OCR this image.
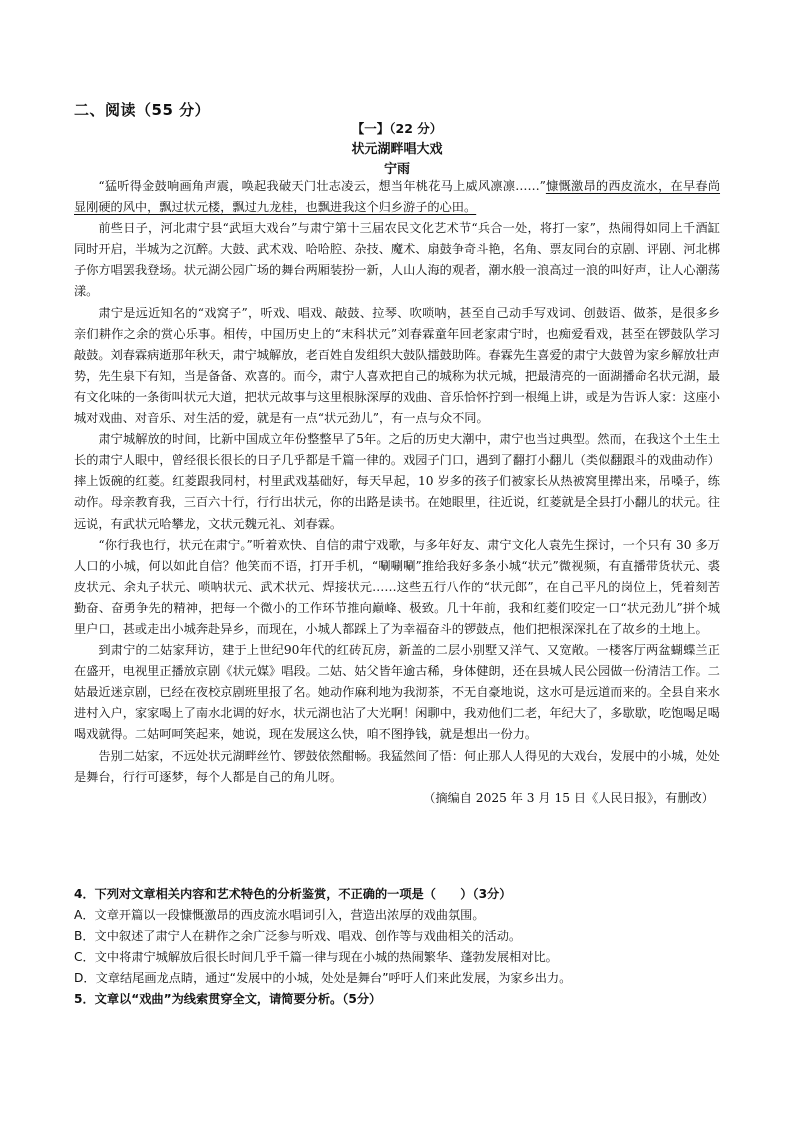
二、阅读（55 分）
【一】（22 分）
状元湖畔唱大戏
宁雨

“猛听得金鼓响画角声震，唤起我破天门壮志凌云，想当年桃花马上威风凛凛……”慷慨激昂的西皮流水，在早春尚显刚硬的风中，飘过状元楼，飘过九龙桂，也飘进我这个归乡游子的心田。

前些日子，河北肃宁县“武垣大戏台”与肃宁第十三届农民文化艺术节“兵合一处，将打一家”，热闹得如同上千酒缸同时开启，半城为之沉醉。大鼓、武术戏、哈哈腔、杂技、魔术、扇鼓争奇斗艳，名角、票友同台的京剧、评剧、河北梆子你方唱罢我登场。状元湖公园广场的舞台两厢装扮一新，人山人海的观者，潮水般一浪高过一浪的叫好声，让人心潮荡漾。

肃宁是远近知名的“戏窝子”，听戏、唱戏、敲鼓、拉琴、吹唢呐，甚至自己动手写戏词、创鼓语、做茶，是很多乡亲们耕作之余的赏心乐事。相传，中国历史上的“末科状元”刘春霖童年回老家肃宁时，也痴爱看戏，甚至在锣鼓队学习敲鼓。刘春霖病逝那年秋天，肃宁城解放，老百姓自发组织大鼓队擂鼓助阵。春霖先生喜爱的肃宁大鼓曾为家乡解放壮声势，先生泉下有知，当是备备、欢喜的。而今，肃宁人喜欢把自己的城称为状元城，把最清亮的一面湖播命名状元湖，最有文化味的一条街叫状元大道，把状元故事与这里根脉深厚的戏曲、音乐恰怀拧到一根绳上讲，或是为告诉人家：这座小城对戏曲、对音乐、对生活的爱，就是有一点“状元劲儿”，有一点与众不同。

肃宁城解放的时间，比新中国成立年份整整早了5年。之后的历史大潮中，肃宁也当过典型。然而，在我这个土生土长的肃宁人眼中，曾经很长很长的日子几乎都是千篇一律的。戏园子门口，遇到了翻打小翻儿（类似翻跟斗的戏曲动作）摔上饭碗的红菱。红菱跟我同村，村里武戏基础好，每天早起，10 岁多的孩子们被家长从热被窝里撵出来，吊嗓子，练动作。母亲教育我，三百六十行，行行出状元，你的出路是读书。在她眼里，往近说，红菱就是全县打小翻儿的状元。往远说，有武状元哈攀龙，文状元魏元礼、刘春霖。

“你行我也行，状元在肃宁。”听着欢快、自信的肃宁戏歌，与多年好友、肃宁文化人袁先生探讨，一个只有 30 多万人口的小城，何以如此自信？他笑而不语，打开手机，“唰唰唰”推给我好多条小城“状元”微视频，有直播带货状元、裘皮状元、余丸子状元、唢呐状元、武术状元、焊接状元……这些五行八作的“状元郎”，在自己平凡的岗位上，凭着刻苦勤奋、奋勇争先的精神，把每一个微小的工作环节推向巅峰、极致。几十年前，我和红菱们咬定一口“状元劲儿”拼个城里户口，甚或走出小城奔赴异乡，而现在，小城人都踩上了为幸福奋斗的锣鼓点，他们把根深深扎在了故乡的土地上。

到肃宁的二姑家拜访，建于上世纪90年代的红砖瓦房，新盖的二层小别墅又洋气、又宽敞。一楼客厅两盆蝴蝶兰正在盛开，电视里正播放京剧《状元媒》唱段。二姑、姑父皆年逾古稀，身体健朗，还在县城人民公园做一份清洁工作。二姑最近迷京剧，已经在夜校京剧班里报了名。她动作麻利地为我沏茶，不无自豪地说，这水可是远道而来的。全县自来水进村入户，家家喝上了南水北调的好水，状元湖也沾了大光啊！闲聊中，我劝他们二老，年纪大了，多歇歇，吃饱喝足喝喝戏就得。二姑呵呵笑起来，她说，现在发展这么快，咱不图挣钱，就是想出一份力。

告别二姑家，不远处状元湖畔丝竹、锣鼓依然酣畅。我猛然间了悟：何止那人人得见的大戏台，发展中的小城，处处是舞台，行行可逐梦，每个人都是自己的角儿呀。

（摘编自 2025 年 3 月 15 日《人民日报》，有删改）

4．下列对文章相关内容和艺术特色的分析鉴赏，不正确的一项是（　　）（3分）
A．文章开篇以一段慷慨激昂的西皮流水唱词引入，营造出浓厚的戏曲氛围。
B．文中叙述了肃宁人在耕作之余广泛参与听戏、唱戏、创作等与戏曲相关的活动。
C．文中将肃宁城解放后很长时间几乎千篇一律与现在小城的热闹繁华、蓬勃发展相对比。
D．文章结尾画龙点睛，通过“发展中的小城，处处是舞台”呼吁人们来此发展，为家乡出力。
5．文章以“戏曲”为线索贯穿全文，请简要分析。（5分）
